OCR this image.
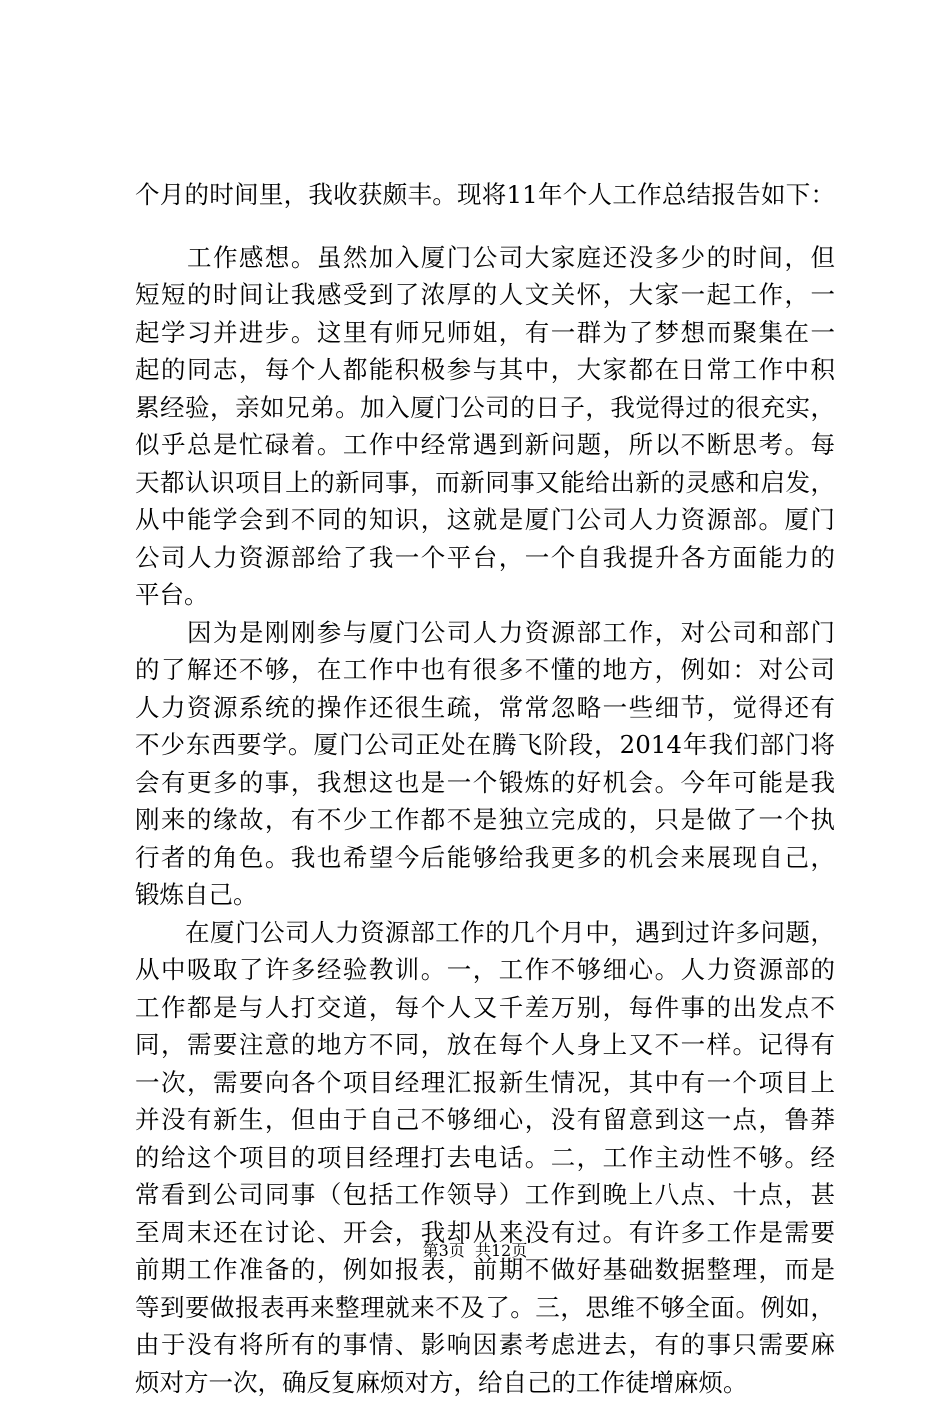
个月的时间里，我收获颇丰。现将11年个人工作总结报告如下：
　　工作感想。虽然加入厦门公司大家庭还没多少的时间，但
短短的时间让我感受到了浓厚的人文关怀，大家一起工作，一
起学习并进步。这里有师兄师姐，有一群为了梦想而聚集在一
起的同志，每个人都能积极参与其中，大家都在日常工作中积
累经验，亲如兄弟。加入厦门公司的日子，我觉得过的很充实，
似乎总是忙碌着。工作中经常遇到新问题，所以不断思考。每
天都认识项目上的新同事，而新同事又能给出新的灵感和启发，
从中能学会到不同的知识，这就是厦门公司人力资源部。厦门
公司人力资源部给了我一个平台，一个自我提升各方面能力的
平台。
　　因为是刚刚参与厦门公司人力资源部工作，对公司和部门
的了解还不够，在工作中也有很多不懂的地方，例如：对公司
人力资源系统的操作还很生疏，常常忽略一些细节，觉得还有
不少东西要学。厦门公司正处在腾飞阶段，2014年我们部门将
会有更多的事，我想这也是一个锻炼的好机会。今年可能是我
刚来的缘故，有不少工作都不是独立完成的，只是做了一个执
行者的角色。我也希望今后能够给我更多的机会来展现自己，
锻炼自己。
　　在厦门公司人力资源部工作的几个月中，遇到过许多问题，
从中吸取了许多经验教训。一，工作不够细心。人力资源部的
工作都是与人打交道，每个人又千差万别，每件事的出发点不
同，需要注意的地方不同，放在每个人身上又不一样。记得有
一次，需要向各个项目经理汇报新生情况，其中有一个项目上
并没有新生，但由于自己不够细心，没有留意到这一点，鲁莽
的给这个项目的项目经理打去电话。二，工作主动性不够。经
常看到公司同事（包括工作领导）工作到晚上八点、十点，甚
至周末还在讨论、开会，我却从来没有过。有许多工作是需要
前期工作准备的，例如报表，前期不做好基础数据整理，而是
等到要做报表再来整理就来不及了。三，思维不够全面。例如，
由于没有将所有的事情、影响因素考虑进去，有的事只需要麻
烦对方一次，确反复麻烦对方，给自己的工作徒增麻烦。
第3页  共12页
